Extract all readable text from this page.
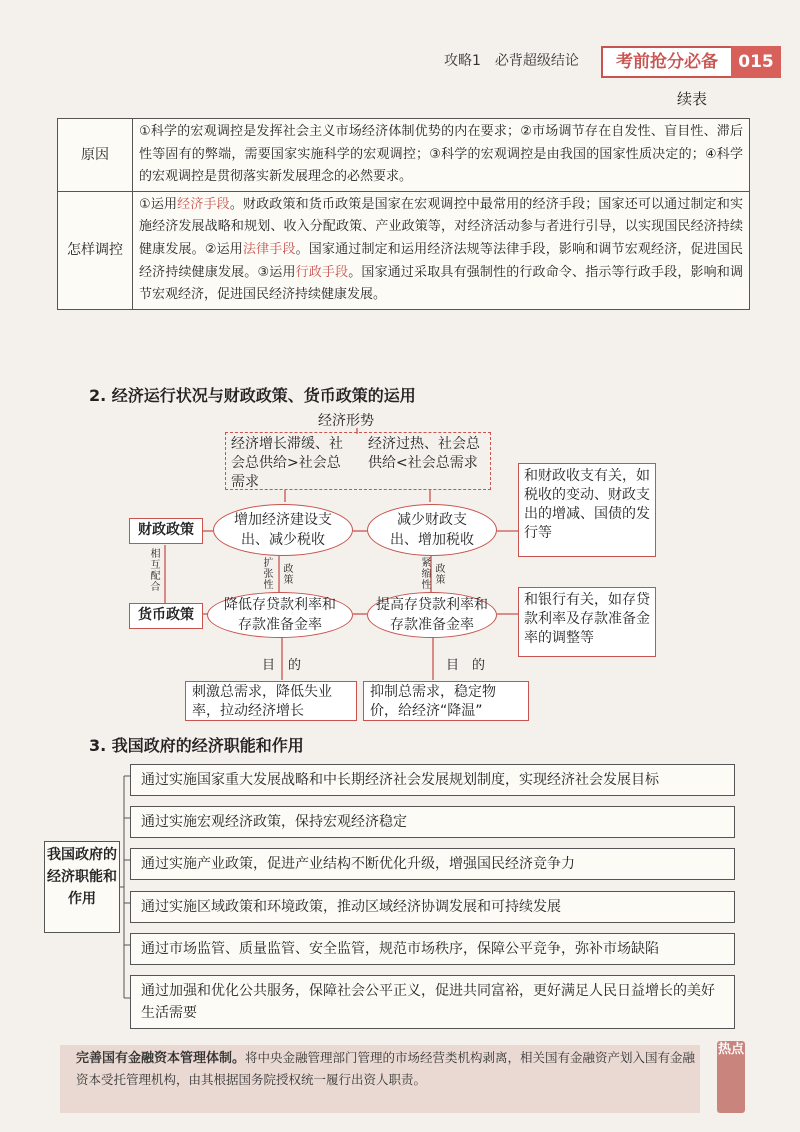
攻略1　必背超级结论	考前抢分必备	015
续表
原因	①科学的宏观调控是发挥社会主义市场经济体制优势的内在要求；②市场调节存在自发性、盲目性、滞后性等固有的弊端，需要国家实施科学的宏观调控；③科学的宏观调控是由我国的国家性质决定的；④科学的宏观调控是贯彻落实新发展理念的必然要求。
怎样调控	①运用经济手段。财政政策和货币政策是国家在宏观调控中最常用的经济手段；国家还可以通过制定和实施经济发展战略和规划、收入分配政策、产业政策等，对经济活动参与者进行引导，以实现国民经济持续健康发展。②运用法律手段。国家通过制定和运用经济法规等法律手段，影响和调节宏观经济，促进国民经济持续健康发展。③运用行政手段。国家通过采取具有强制性的行政命令、指示等行政手段，影响和调节宏观经济，促进国民经济持续健康发展。
2. 经济运行状况与财政政策、货币政策的运用
经济形势
经济增长滞缓、社会总供给>社会总需求
经济过热、社会总供给<社会总需求
财政政策
货币政策
相互配合
增加经济建设支出、减少税收
减少财政支出、增加税收
降低存贷款利率和存款准备金率
提高存贷款利率和存款准备金率
扩张性
政策
紧缩性
政策
和财政收支有关，如税收的变动、财政支出的增减、国债的发行等
和银行有关，如存贷款利率及存款准备金率的调整等
目　的	目　的
刺激总需求，降低失业率，拉动经济增长
抑制总需求，稳定物价，给经济“降温”
3. 我国政府的经济职能和作用
我国政府的经济职能和作用
通过实施国家重大发展战略和中长期经济社会发展规划制度，实现经济社会发展目标
通过实施宏观经济政策，保持宏观经济稳定
通过实施产业政策，促进产业结构不断优化升级，增强国民经济竞争力
通过实施区域政策和环境政策，推动区域经济协调发展和可持续发展
通过市场监管、质量监管、安全监管，规范市场秩序，保障公平竞争，弥补市场缺陷
通过加强和优化公共服务，保障社会公平正义，促进共同富裕，更好满足人民日益增长的美好生活需要
完善国有金融资本管理体制。将中央金融管理部门管理的市场经营类机构剥离，相关国有金融资产划入国有金融资本受托管理机构，由其根据国务院授权统一履行出资人职责。
热点
